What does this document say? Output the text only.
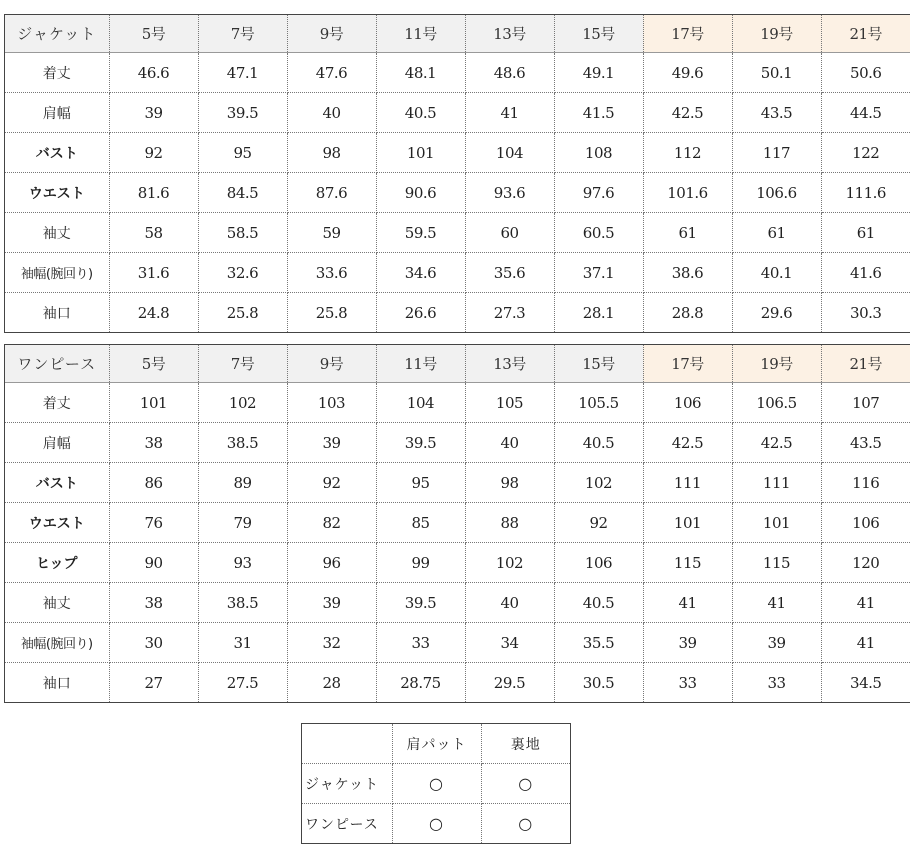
ジャケット	5号	7号	9号	11号	13号	15号	17号	19号	21号
着丈	46.6	47.1	47.6	48.1	48.6	49.1	49.6	50.1	50.6
肩幅	39	39.5	40	40.5	41	41.5	42.5	43.5	44.5
バスト	92	95	98	101	104	108	112	117	122
ウエスト	81.6	84.5	87.6	90.6	93.6	97.6	101.6	106.6	111.6
袖丈	58	58.5	59	59.5	60	60.5	61	61	61
袖幅(腕回り)	31.6	32.6	33.6	34.6	35.6	37.1	38.6	40.1	41.6
袖口	24.8	25.8	25.8	26.6	27.3	28.1	28.8	29.6	30.3
ワンピース	5号	7号	9号	11号	13号	15号	17号	19号	21号
着丈	101	102	103	104	105	105.5	106	106.5	107
肩幅	38	38.5	39	39.5	40	40.5	42.5	42.5	43.5
バスト	86	89	92	95	98	102	111	111	116
ウエスト	76	79	82	85	88	92	101	101	106
ヒップ	90	93	96	99	102	106	115	115	120
袖丈	38	38.5	39	39.5	40	40.5	41	41	41
袖幅(腕回り)	30	31	32	33	34	35.5	39	39	41
袖口	27	27.5	28	28.75	29.5	30.5	33	33	34.5
	肩パット	裏地
ジャケット	○	○
ワンピース	○	○
